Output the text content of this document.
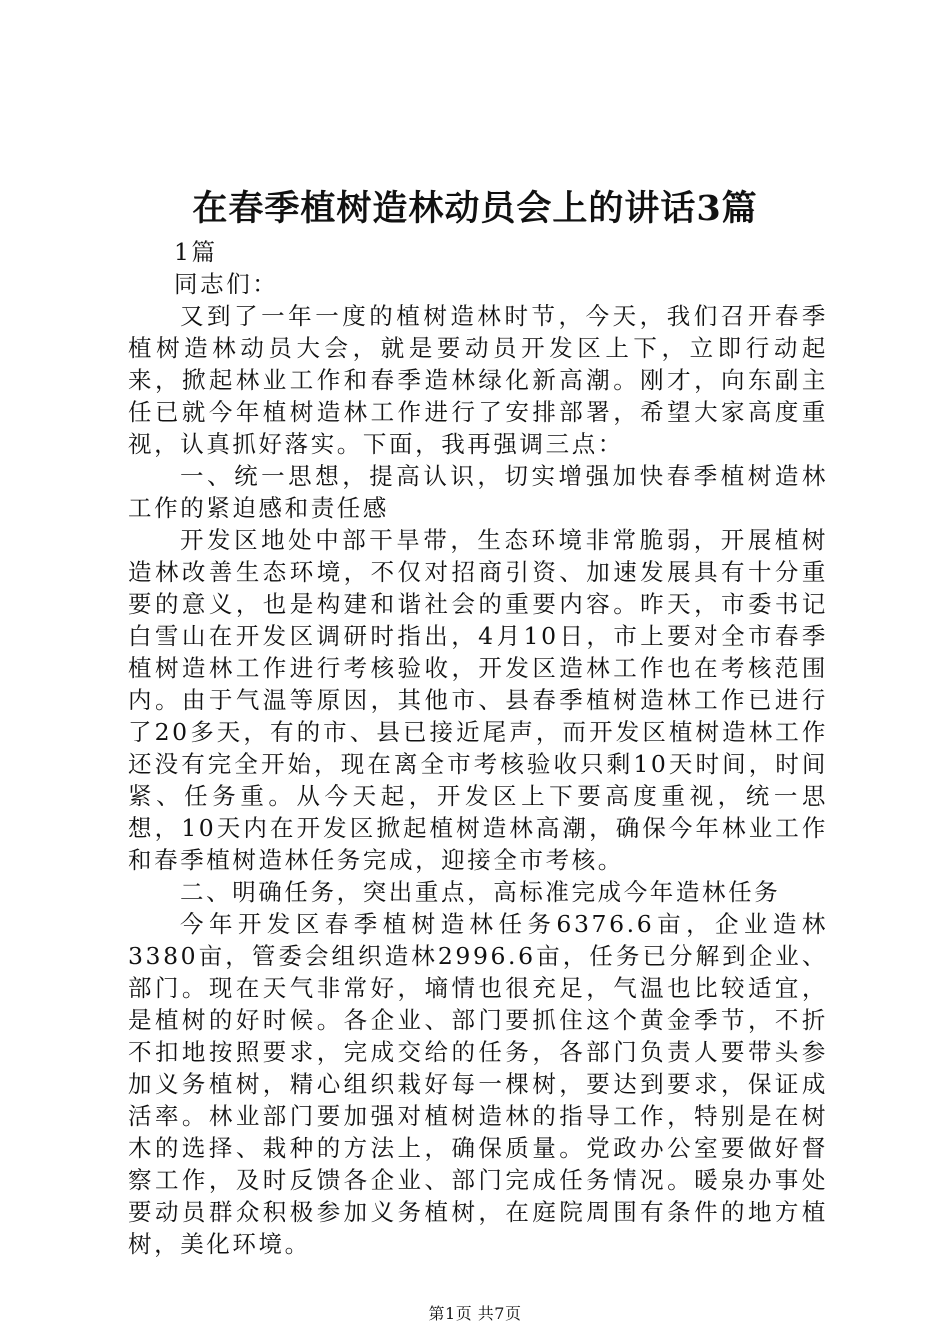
在春季植树造林动员会上的讲话3篇

1篇

同志们：

又到了一年一度的植树造林时节，今天，我们召开春季植树造林动员大会，就是要动员开发区上下，立即行动起来，掀起林业工作和春季造林绿化新高潮。刚才，向东副主任已就今年植树造林工作进行了安排部署，希望大家高度重视，认真抓好落实。下面，我再强调三点：

一、统一思想，提高认识，切实增强加快春季植树造林工作的紧迫感和责任感

开发区地处中部干旱带，生态环境非常脆弱，开展植树造林改善生态环境，不仅对招商引资、加速发展具有十分重要的意义，也是构建和谐社会的重要内容。昨天，市委书记白雪山在开发区调研时指出，4月10日，市上要对全市春季植树造林工作进行考核验收，开发区造林工作也在考核范围内。由于气温等原因，其他市、县春季植树造林工作已进行了20多天，有的市、县已接近尾声，而开发区植树造林工作还没有完全开始，现在离全市考核验收只剩10天时间，时间紧、任务重。从今天起，开发区上下要高度重视，统一思想，10天内在开发区掀起植树造林高潮，确保今年林业工作和春季植树造林任务完成，迎接全市考核。

二、明确任务，突出重点，高标准完成今年造林任务

今年开发区春季植树造林任务6376.6亩，企业造林3380亩，管委会组织造林2996.6亩，任务已分解到企业、部门。现在天气非常好，墒情也很充足，气温也比较适宜，是植树的好时候。各企业、部门要抓住这个黄金季节，不折不扣地按照要求，完成交给的任务，各部门负责人要带头参加义务植树，精心组织栽好每一棵树，要达到要求，保证成活率。林业部门要加强对植树造林的指导工作，特别是在树木的选择、栽种的方法上，确保质量。党政办公室要做好督察工作，及时反馈各企业、部门完成任务情况。暖泉办事处要动员群众积极参加义务植树，在庭院周围有条件的地方植树，美化环境。

第1页 共7页
